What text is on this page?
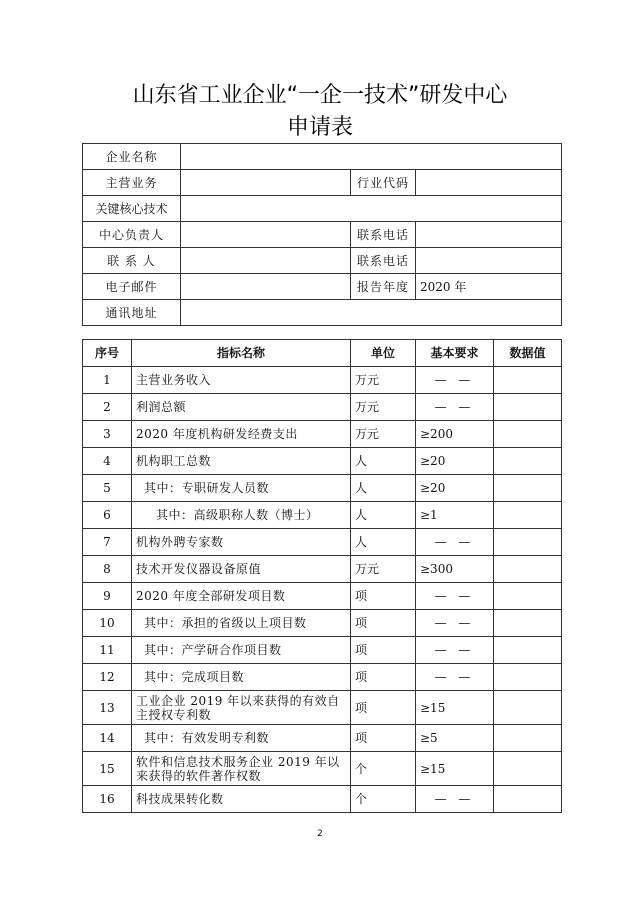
山东省工业企业“一企一技术”研发中心
申请表
企业名称			
主营业务		行业代码	
关键核心技术			
中心负责人		联系电话	
联 系 人		联系电话	
电子邮件		报告年度	2020 年
通讯地址			
序号	指标名称	单位	基本要求	数据值
1	主营业务收入	万元	— —	
2	利润总额	万元	— —	
3	2020 年度机构研发经费支出	万元	≥200	
4	机构职工总数	人	≥20	
5	其中：专职研发人员数	人	≥20	
6	其中：高级职称人数（博士）	人	≥1	
7	机构外聘专家数	人	— —	
8	技术开发仪器设备原值	万元	≥300	
9	2020 年度全部研发项目数	项	— —	
10	其中：承担的省级以上项目数	项	— —	
11	其中：产学研合作项目数	项	— —	
12	其中：完成项目数	项	— —	
13	工业企业 2019 年以来获得的有效自主授权专利数	项	≥15	
14	其中：有效发明专利数	项	≥5	
15	软件和信息技术服务企业 2019 年以来获得的软件著作权数	个	≥15	
16	科技成果转化数	个	— —	
2
